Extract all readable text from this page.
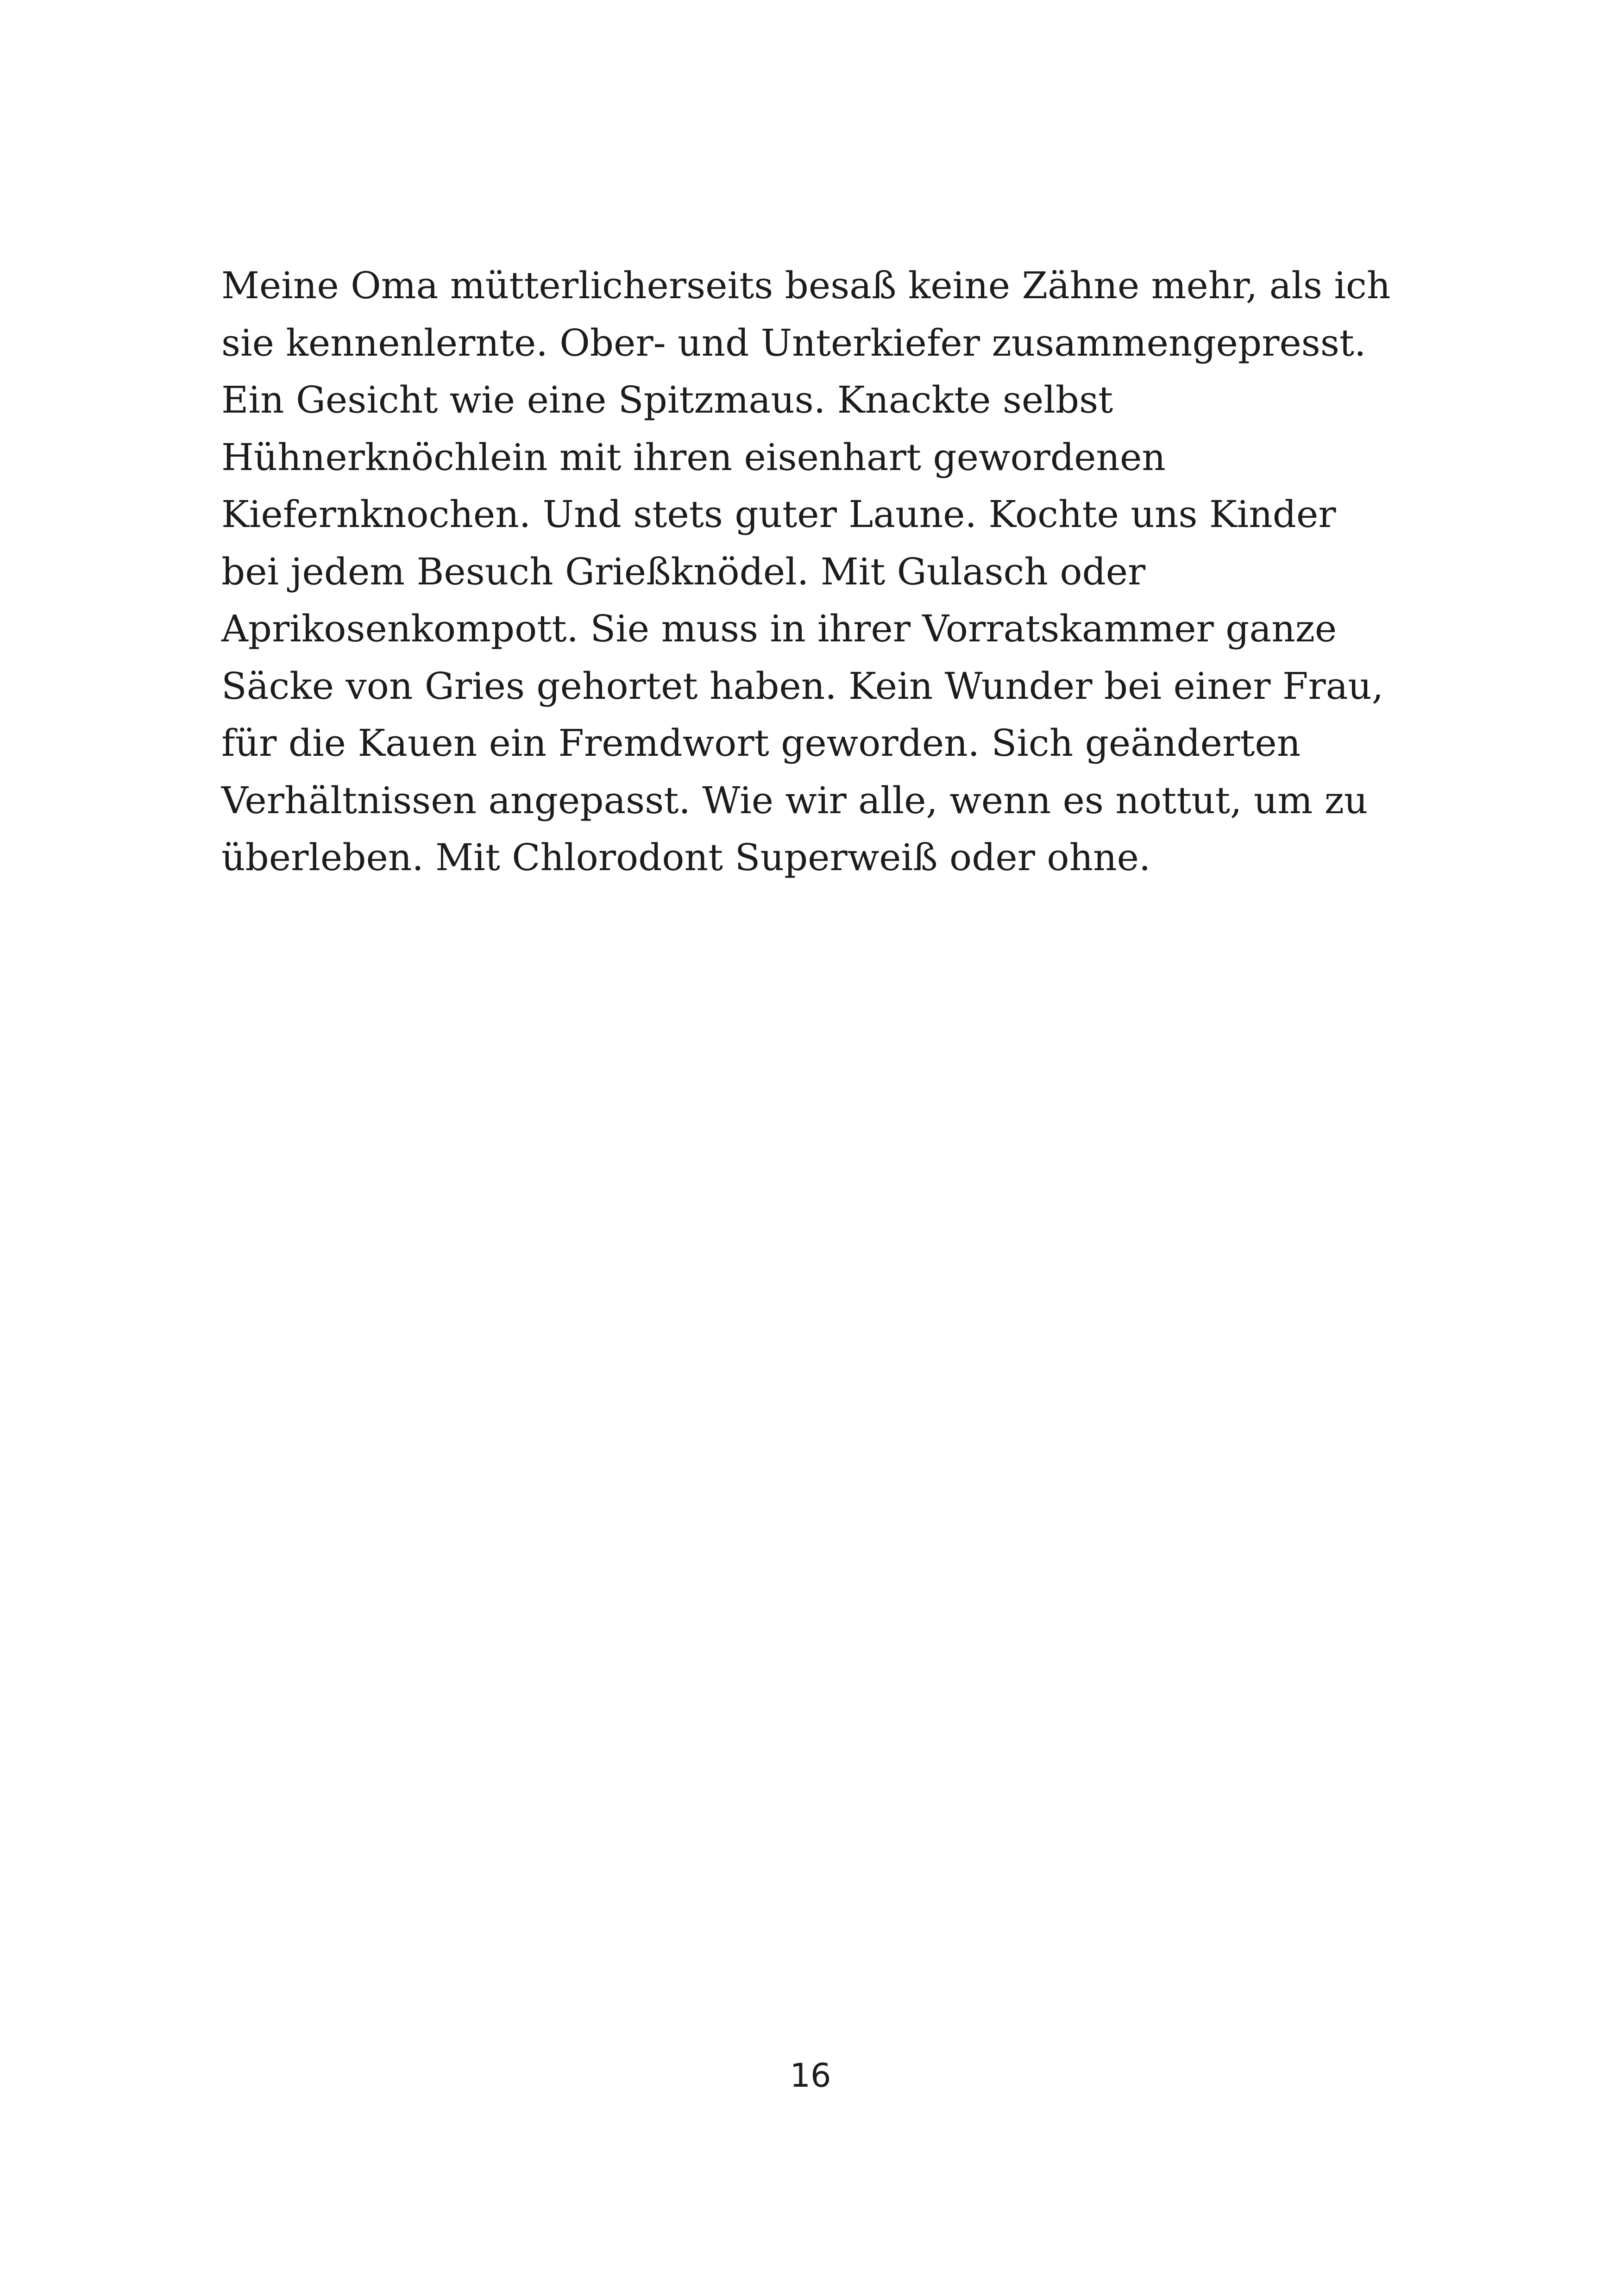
Meine Oma mütterlicherseits besaß keine Zähne mehr, als ich
sie kennenlernte. Ober- und Unterkiefer zusammengepresst.
Ein Gesicht wie eine Spitzmaus. Knackte selbst
Hühnerknöchlein mit ihren eisenhart gewordenen
Kiefernknochen. Und stets guter Laune. Kochte uns Kinder
bei jedem Besuch Grießknödel. Mit Gulasch oder
Aprikosenkompott. Sie muss in ihrer Vorratskammer ganze
Säcke von Gries gehortet haben. Kein Wunder bei einer Frau,
für die Kauen ein Fremdwort geworden. Sich geänderten
Verhältnissen angepasst. Wie wir alle, wenn es nottut, um zu
überleben. Mit Chlorodont Superweiß oder ohne.

16
